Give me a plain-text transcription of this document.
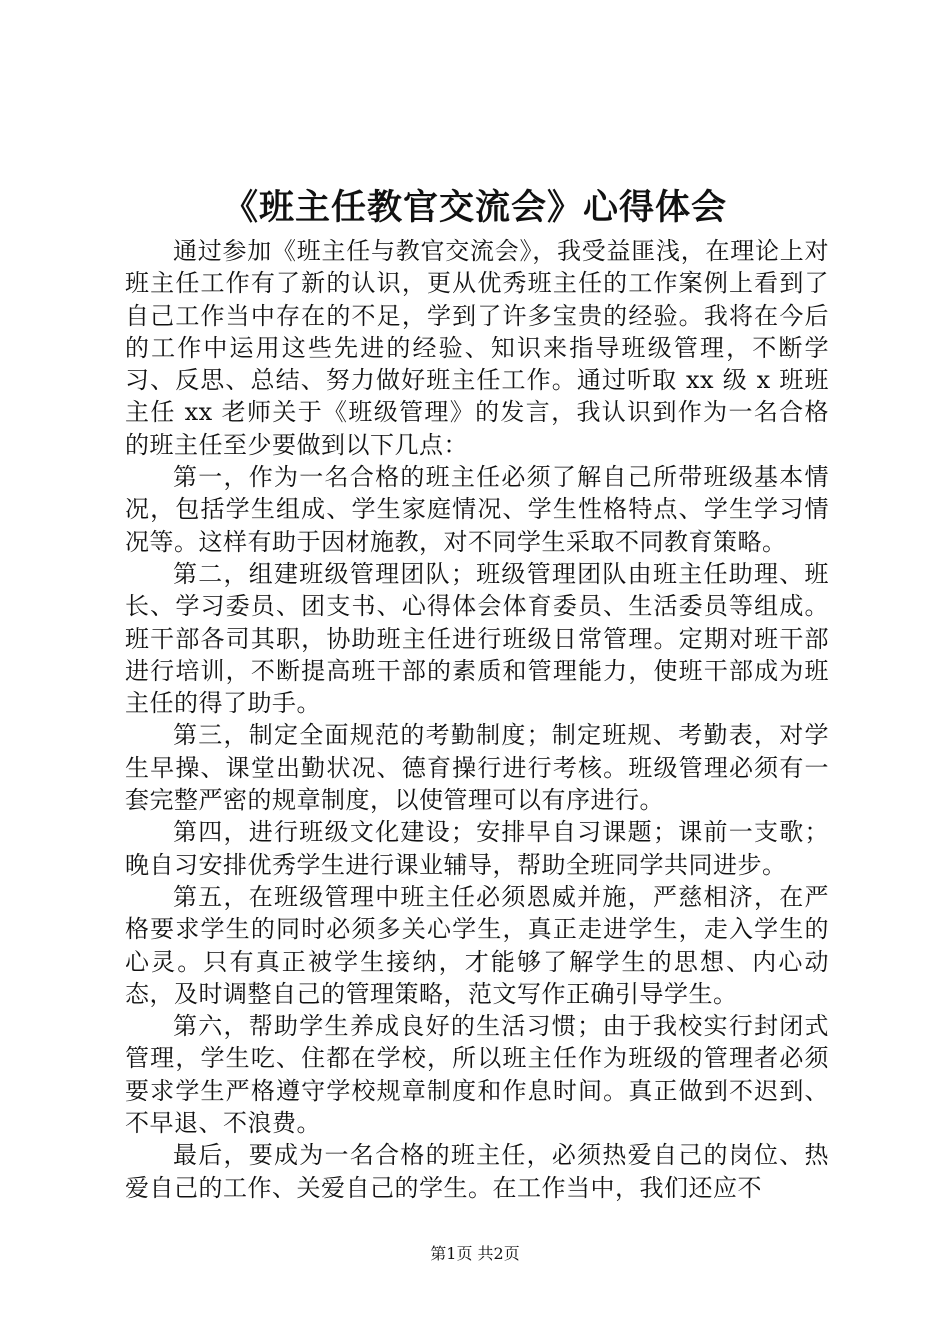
《班主任教官交流会》心得体会

通过参加《班主任与教官交流会》，我受益匪浅，在理论上对班主任工作有了新的认识，更从优秀班主任的工作案例上看到了自己工作当中存在的不足，学到了许多宝贵的经验。我将在今后的工作中运用这些先进的经验、知识来指导班级管理，不断学习、反思、总结、努力做好班主任工作。通过听取 xx 级 x 班班主任 xx 老师关于《班级管理》的发言，我认识到作为一名合格的班主任至少要做到以下几点：

第一，作为一名合格的班主任必须了解自己所带班级基本情况，包括学生组成、学生家庭情况、学生性格特点、学生学习情况等。这样有助于因材施教，对不同学生采取不同教育策略。

第二，组建班级管理团队；班级管理团队由班主任助理、班长、学习委员、团支书、心得体会体育委员、生活委员等组成。班干部各司其职，协助班主任进行班级日常管理。定期对班干部进行培训，不断提高班干部的素质和管理能力，使班干部成为班主任的得了助手。

第三，制定全面规范的考勤制度；制定班规、考勤表，对学生早操、课堂出勤状况、德育操行进行考核。班级管理必须有一套完整严密的规章制度，以使管理可以有序进行。

第四，进行班级文化建设；安排早自习课题；课前一支歌；晚自习安排优秀学生进行课业辅导，帮助全班同学共同进步。

第五，在班级管理中班主任必须恩威并施，严慈相济，在严格要求学生的同时必须多关心学生，真正走进学生，走入学生的心灵。只有真正被学生接纳，才能够了解学生的思想、内心动态，及时调整自己的管理策略，范文写作正确引导学生。

第六，帮助学生养成良好的生活习惯；由于我校实行封闭式管理，学生吃、住都在学校，所以班主任作为班级的管理者必须要求学生严格遵守学校规章制度和作息时间。真正做到不迟到、不早退、不浪费。

最后，要成为一名合格的班主任，必须热爱自己的岗位、热爱自己的工作、关爱自己的学生。在工作当中，我们还应不

第1页 共2页
